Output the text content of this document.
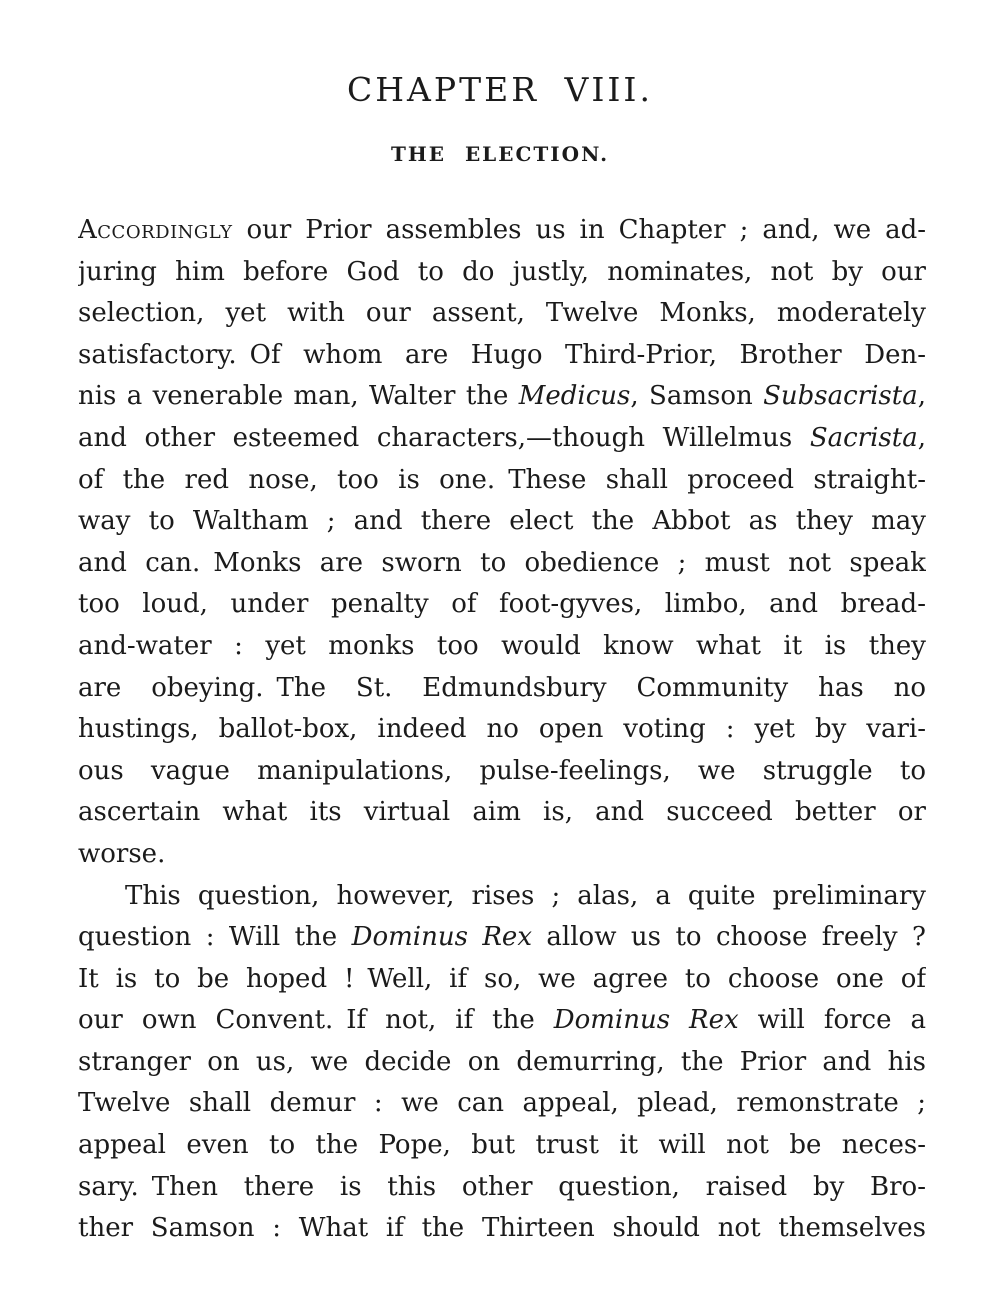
CHAPTER VIII.
THE ELECTION.
Accordingly our Prior assembles us in Chapter ; and, we ad-
juring him before God to do justly, nominates, not by our
selection, yet with our assent, Twelve Monks, moderately
satisfactory. Of whom are Hugo Third-Prior, Brother Den-
nis a venerable man, Walter the Medicus, Samson Subsacrista,
and other esteemed characters,—though Willelmus Sacrista,
of the red nose, too is one. These shall proceed straight-
way to Waltham ; and there elect the Abbot as they may
and can. Monks are sworn to obedience ; must not speak
too loud, under penalty of foot-gyves, limbo, and bread-
and-water : yet monks too would know what it is they
are obeying. The St. Edmundsbury Community has no
hustings, ballot-box, indeed no open voting : yet by vari-
ous vague manipulations, pulse-feelings, we struggle to
ascertain what its virtual aim is, and succeed better or
worse.
This question, however, rises ; alas, a quite preliminary
question : Will the Dominus Rex allow us to choose freely ?
It is to be hoped ! Well, if so, we agree to choose one of
our own Convent. If not, if the Dominus Rex will force a
stranger on us, we decide on demurring, the Prior and his
Twelve shall demur : we can appeal, plead, remonstrate ;
appeal even to the Pope, but trust it will not be neces-
sary. Then there is this other question, raised by Bro-
ther Samson : What if the Thirteen should not themselves
